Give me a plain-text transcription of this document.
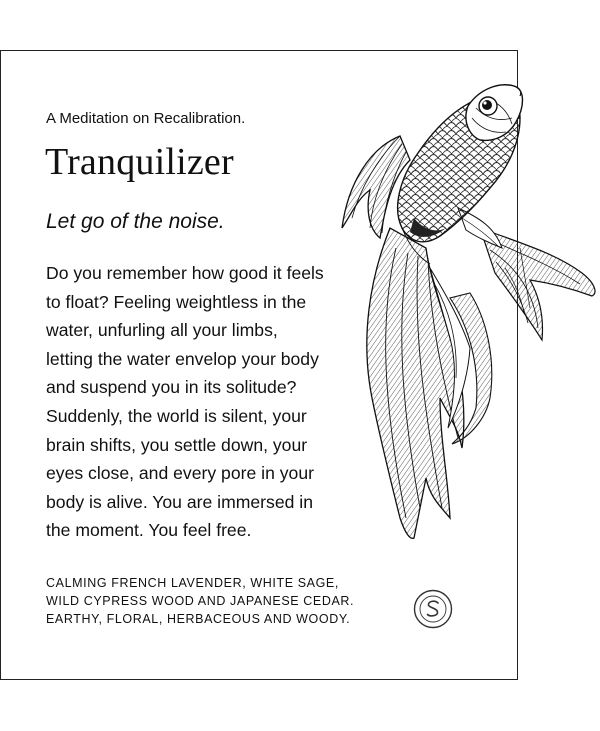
A Meditation on Recalibration.
Tranquilizer
Let go of the noise.
Do you remember how good it feels
to float? Feeling weightless in the
water, unfurling all your limbs,
letting the water envelop your body
and suspend you in its solitude?
Suddenly, the world is silent, your
brain shifts, you settle down, your
eyes close, and every pore in your
body is alive. You are immersed in
the moment. You feel free.
CALMING FRENCH LAVENDER, WHITE SAGE,
WILD CYPRESS WOOD AND JAPANESE CEDAR.
EARTHY, FLORAL, HERBACEOUS AND WOODY.
